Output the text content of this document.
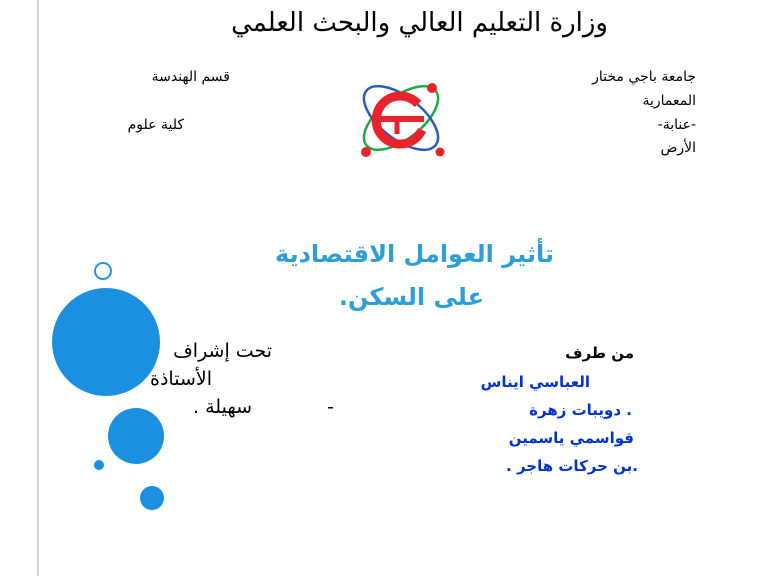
وزارة التعليم العالي والبحث العلمي
جامعة باجي مختار
المعمارية
-عنابة-
الأرض
قسم الهندسة
كلية علوم
تأثير العوامل الاقتصادية
على السكن.
تحت إشراف
الأستاذة
-
سهيلة .
من طرف
العباسي ايناس
. دويبات زهرة
قواسمي ياسمين
.بن حركات هاجر .
